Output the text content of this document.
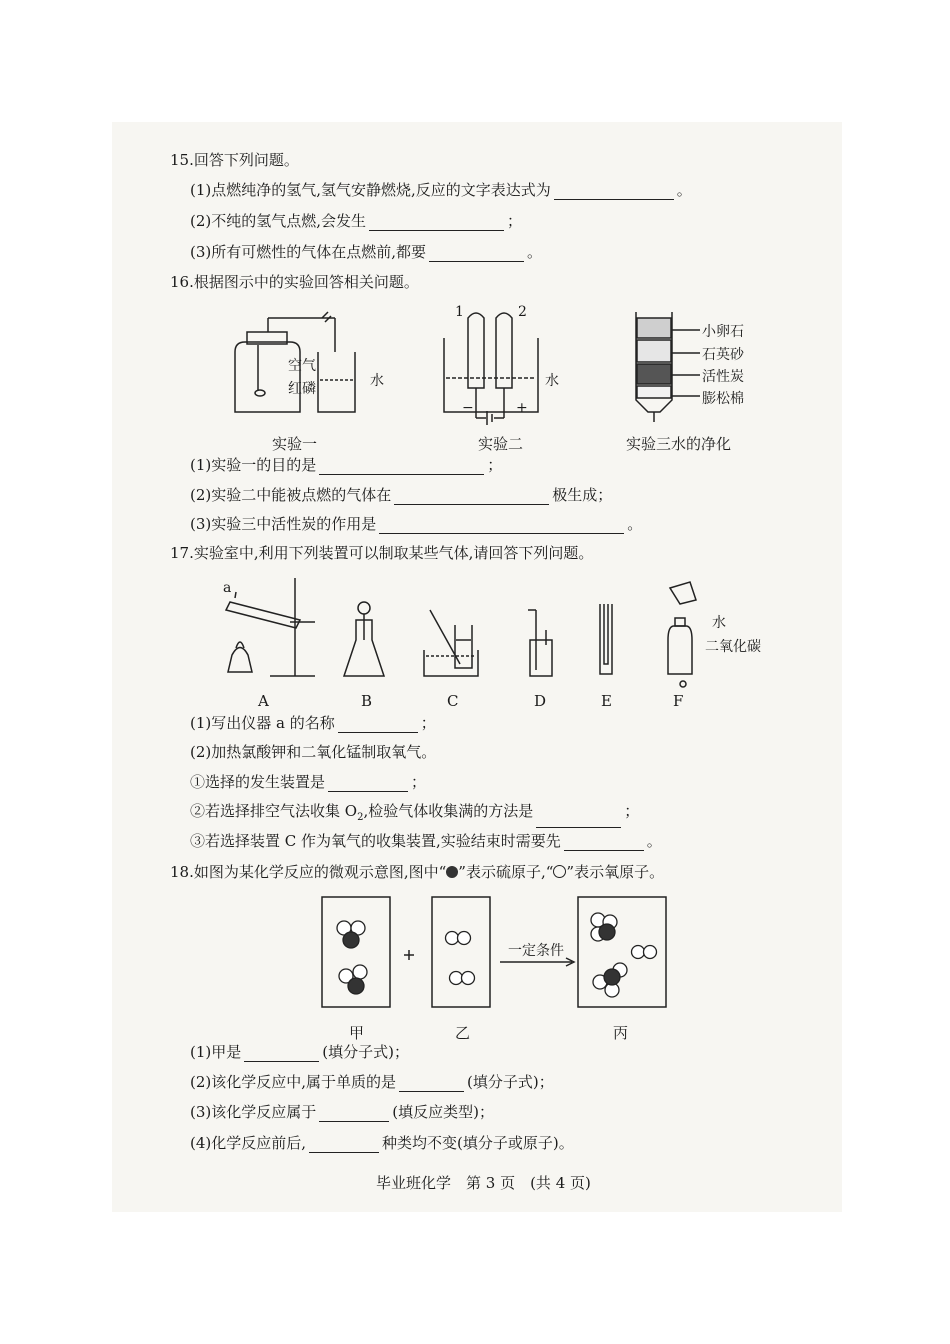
15.回答下列问题。
(1)点燃纯净的氢气,氢气安静燃烧,反应的文字表达式为	。
(2)不纯的氢气点燃,会发生	；
(3)所有可燃性的气体在点燃前,都要	。
16.根据图示中的实验回答相关问题。
空气
红磷	水
实验一
1	2
水
−	+
实验二
小卵石
石英砂
活性炭
膨松棉
实验三水的净化
(1)实验一的目的是	；
(2)实验二中能被点燃的气体在	极生成；
(3)实验三中活性炭的作用是	。
17.实验室中,利用下列装置可以制取某些气体,请回答下列问题。
a
水
二氧化碳
A	B	C	D	E	F
(1)写出仪器 a 的名称	；
(2)加热氯酸钾和二氧化锰制取氧气。
①选择的发生装置是	；
②若选择排空气法收集 $O_2$,检验气体收集满的方法是	；
③若选择装置 C 作为氧气的收集装置,实验结束时需要先	。
18.如图为某化学反应的微观示意图,图中“ ”表示硫原子,“ ”表示氧原子。
一定条件
甲	乙	丙
(1)甲是	(填分子式)；
(2)该化学反应中,属于单质的是	(填分子式)；
(3)该化学反应属于	(填反应类型)；
(4)化学反应前后,	种类均不变(填分子或原子)。
毕业班化学　第 3 页　(共 4 页)
